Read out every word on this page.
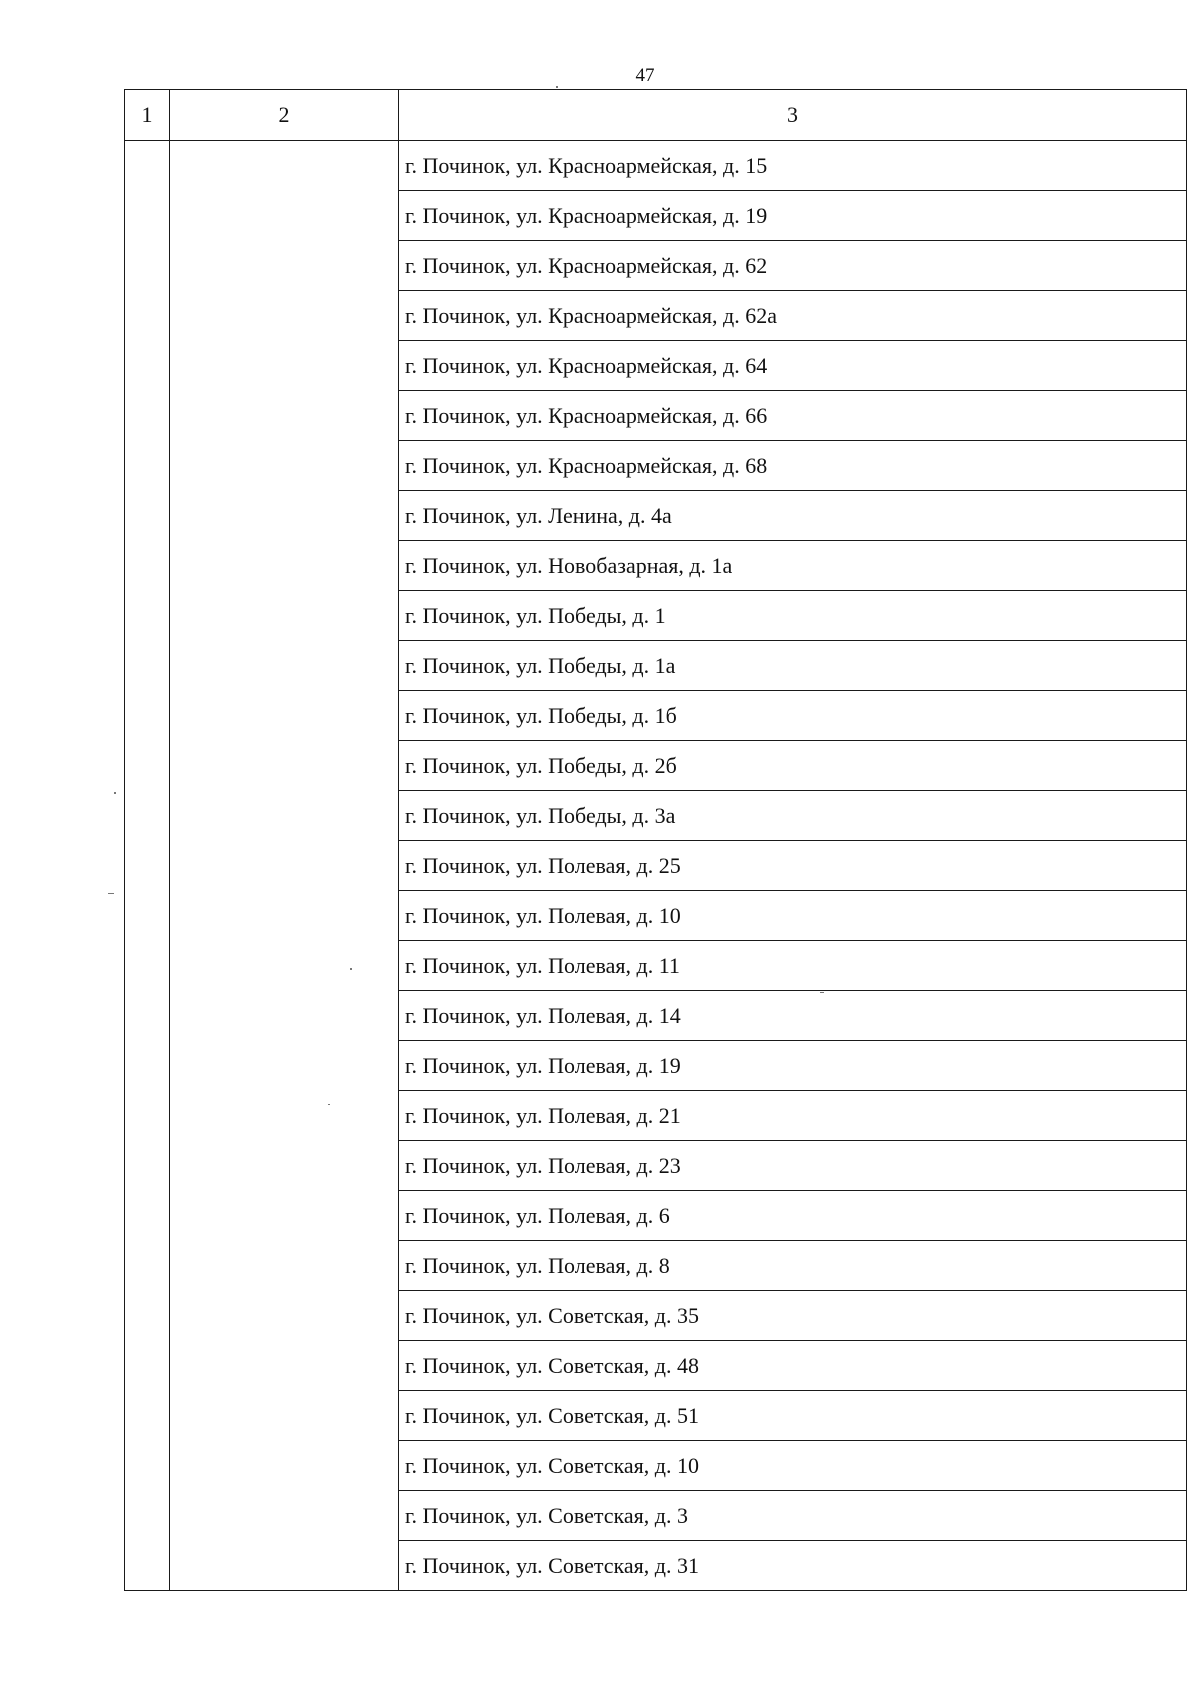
47
1	2	3
		г. Починок, ул. Красноармейская, д. 15
		г. Починок, ул. Красноармейская, д. 19
		г. Починок, ул. Красноармейская, д. 62
		г. Починок, ул. Красноармейская, д. 62а
		г. Починок, ул. Красноармейская, д. 64
		г. Починок, ул. Красноармейская, д. 66
		г. Починок, ул. Красноармейская, д. 68
		г. Починок, ул. Ленина, д. 4а
		г. Починок, ул. Новобазарная, д. 1а
		г. Починок, ул. Победы, д. 1
		г. Починок, ул. Победы, д. 1а
		г. Починок, ул. Победы, д. 1б
		г. Починок, ул. Победы, д. 2б
		г. Починок, ул. Победы, д. 3а
		г. Починок, ул. Полевая, д. 25
		г. Починок, ул. Полевая, д. 10
		г. Починок, ул. Полевая, д. 11
		г. Починок, ул. Полевая, д. 14
		г. Починок, ул. Полевая, д. 19
		г. Починок, ул. Полевая, д. 21
		г. Починок, ул. Полевая, д. 23
		г. Починок, ул. Полевая, д. 6
		г. Починок, ул. Полевая, д. 8
		г. Починок, ул. Советская, д. 35
		г. Починок, ул. Советская, д. 48
		г. Починок, ул. Советская, д. 51
		г. Починок, ул. Советская, д. 10
		г. Починок, ул. Советская, д. 3
		г. Починок, ул. Советская, д. 31
